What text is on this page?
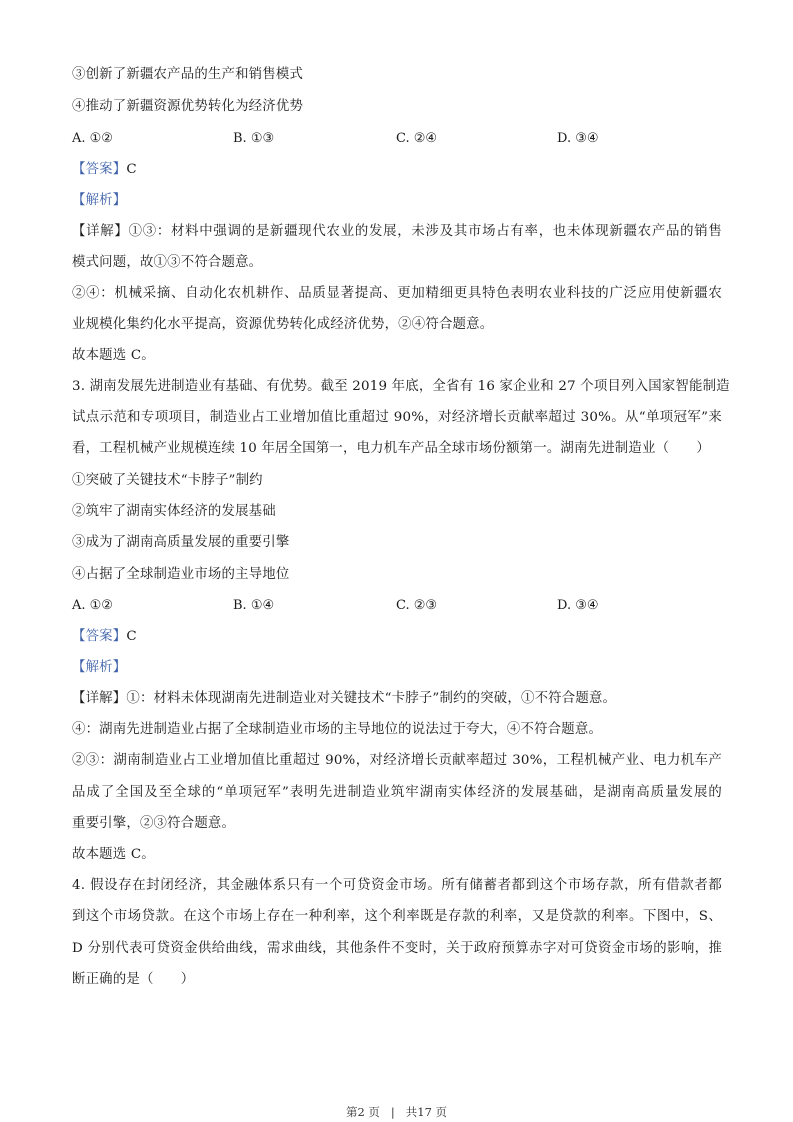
③创新了新疆农产品的生产和销售模式
④推动了新疆资源优势转化为经济优势
A. ①②	B. ①③	C. ②④	D. ③④
【答案】C
【解析】
【详解】①③：材料中强调的是新疆现代农业的发展，未涉及其市场占有率，也未体现新疆农产品的销售
模式问题，故①③不符合题意。
②④：机械采摘、自动化农机耕作、品质显著提高、更加精细更具特色表明农业科技的广泛应用使新疆农
业规模化集约化水平提高，资源优势转化成经济优势，②④符合题意。
故本题选 C。
3. 湖南发展先进制造业有基础、有优势。截至 2019 年底，全省有 16 家企业和 27 个项目列入国家智能制造
试点示范和专项项目，制造业占工业增加值比重超过 90%，对经济增长贡献率超过 30%。从“单项冠军”来
看，工程机械产业规模连续 10 年居全国第一，电力机车产品全球市场份额第一。湖南先进制造业（　　）
①突破了关键技术“卡脖子”制约
②筑牢了湖南实体经济的发展基础
③成为了湖南高质量发展的重要引擎
④占据了全球制造业市场的主导地位
A. ①②	B. ①④	C. ②③	D. ③④
【答案】C
【解析】
【详解】①：材料未体现湖南先进制造业对关键技术“卡脖子”制约的突破，①不符合题意。
④：湖南先进制造业占据了全球制造业市场的主导地位的说法过于夸大，④不符合题意。
②③：湖南制造业占工业增加值比重超过 90%，对经济增长贡献率超过 30%，工程机械产业、电力机车产
品成了全国及至全球的“单项冠军”表明先进制造业筑牢湖南实体经济的发展基础，是湖南高质量发展的
重要引擎，②③符合题意。
故本题选 C。
4. 假设存在封闭经济，其金融体系只有一个可贷资金市场。所有储蓄者都到这个市场存款，所有借款者都
到这个市场贷款。在这个市场上存在一种利率，这个利率既是存款的利率，又是贷款的利率。下图中，S、
D 分别代表可贷资金供给曲线，需求曲线，其他条件不变时，关于政府预算赤字对可贷资金市场的影响，推
断正确的是（　　）
第2 页 | 共17 页
